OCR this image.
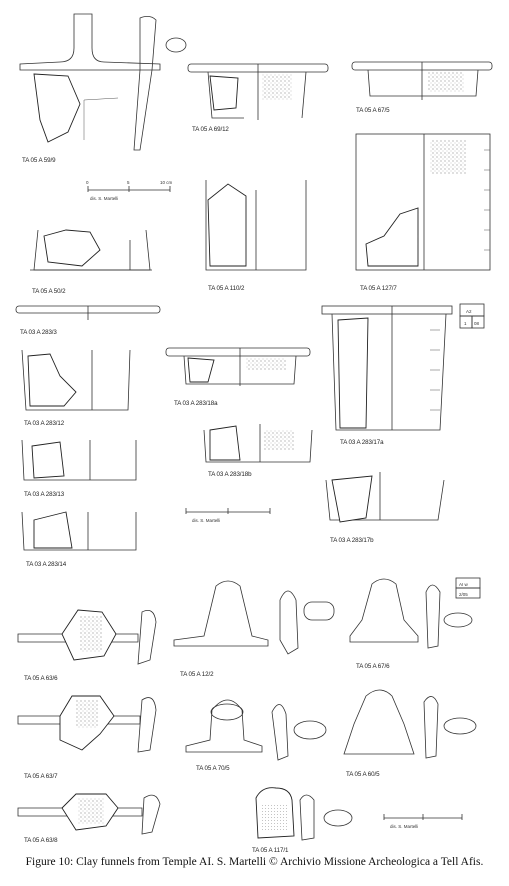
TA 05 A 59/9
0	5	10 cm
dis. S. Martelli
TA 05 A 69/12
TA 05 A 67/5
TA 05 A 50/2	TA 05 A 110/2	TA 05 A 127/7
TA 03 A 283/3
TA 03 A 283/18a
TA 03 A 283/17a
A2
1 08
TA 03 A 283/12
TA 03 A 283/18b
TA 03 A 283/13
TA 03 A 283/17b
dis. S. Martelli
TA 03 A 283/14
TA 05 A 63/6
TA 05 A 12/2
AI w
2/05
TA 05 A 67/6
TA 05 A 63/7
TA 05 A 70/5
TA 05 A 60/5
TA 05 A 63/8
TA 05 A 117/1
dis. S. Martelli
Figure 10: Clay funnels from Temple AI. S. Martelli © Archivio Missione Archeologica a Tell Afis.
